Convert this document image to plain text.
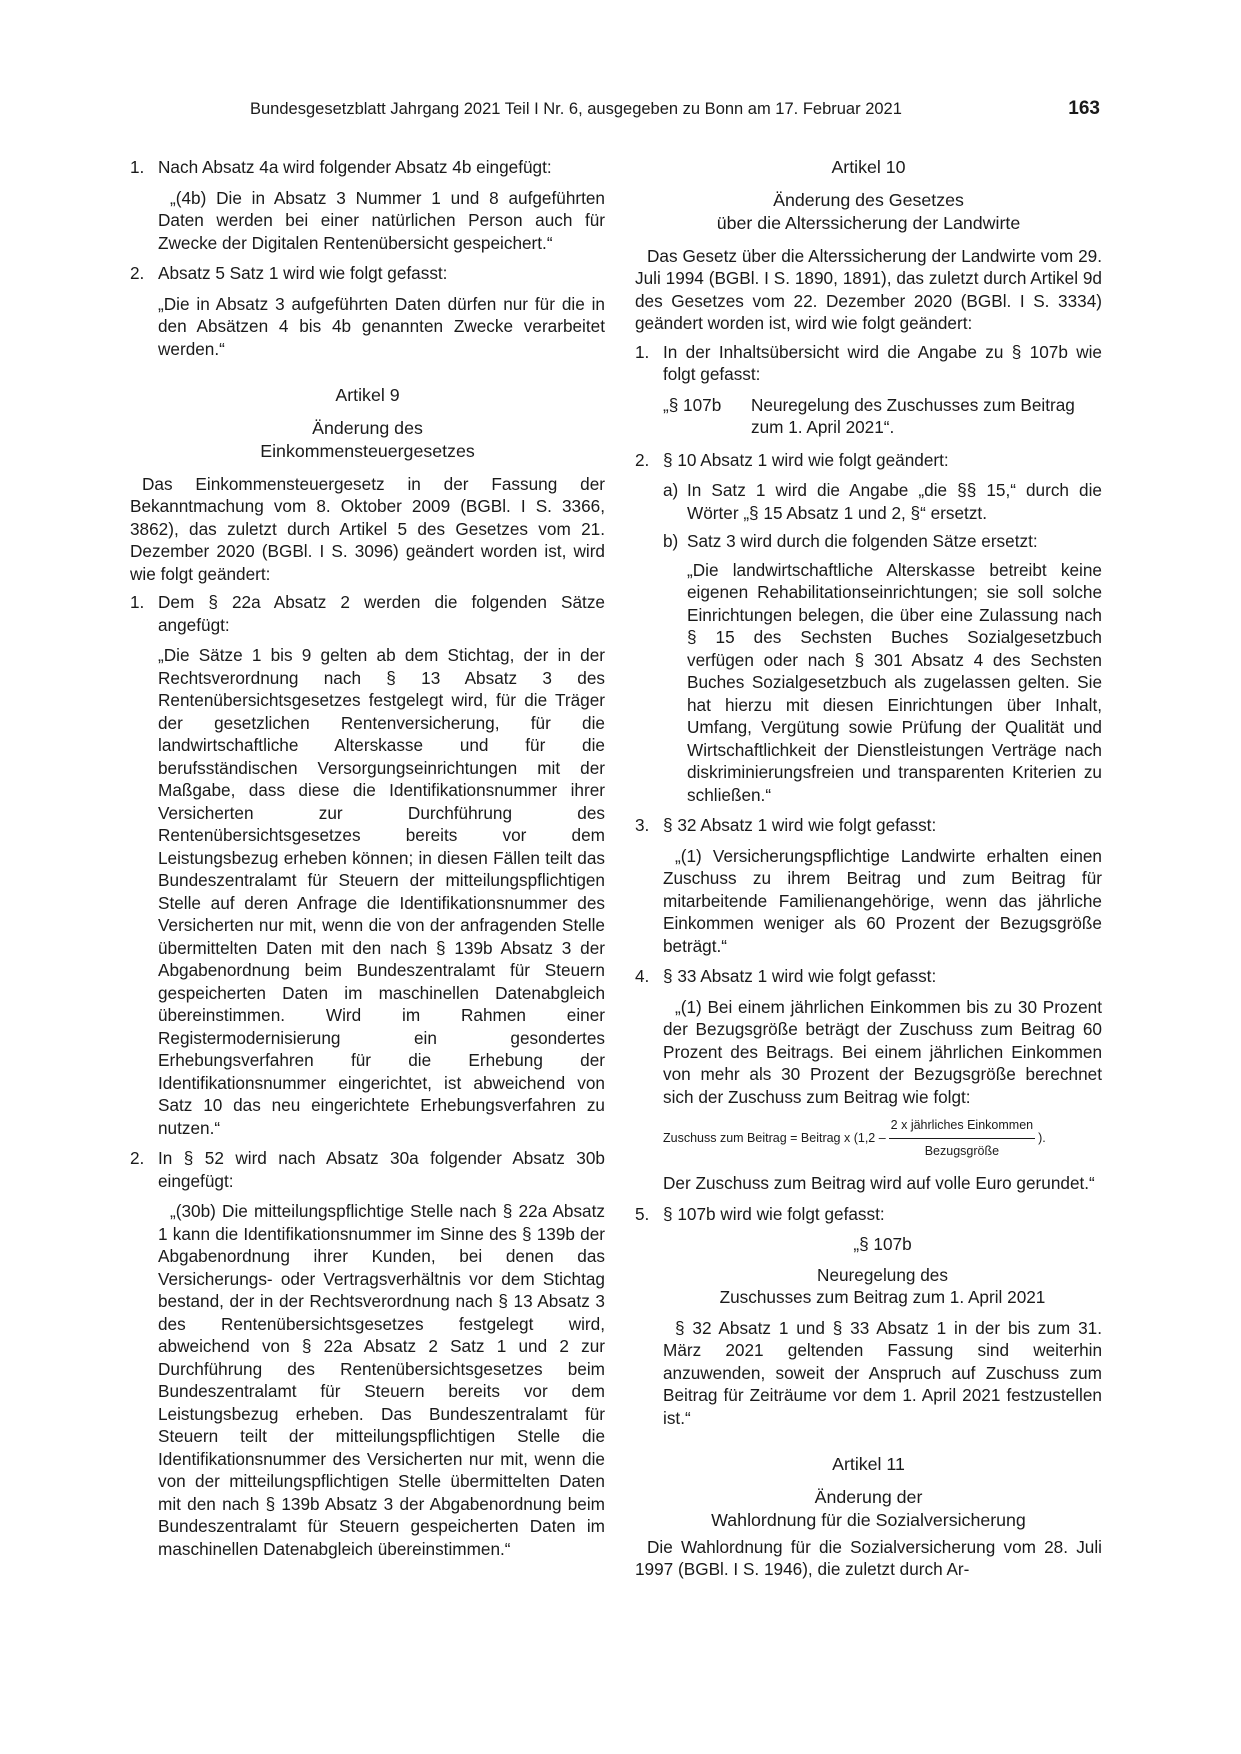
Bundesgesetzblatt Jahrgang 2021 Teil I Nr. 6, ausgegeben zu Bonn am 17. Februar 2021	163
1. Nach Absatz 4a wird folgender Absatz 4b eingefügt:

„(4b) Die in Absatz 3 Nummer 1 und 8 aufgeführten Daten werden bei einer natürlichen Person auch für Zwecke der Digitalen Rentenübersicht gespeichert.“

2. Absatz 5 Satz 1 wird wie folgt gefasst:

„Die in Absatz 3 aufgeführten Daten dürfen nur für die in den Absätzen 4 bis 4b genannten Zwecke verarbeitet werden.“

Artikel 9
Änderung des
Einkommensteuergesetzes

Das Einkommensteuergesetz in der Fassung der Bekanntmachung vom 8. Oktober 2009 (BGBl. I S. 3366, 3862), das zuletzt durch Artikel 5 des Gesetzes vom 21. Dezember 2020 (BGBl. I S. 3096) geändert worden ist, wird wie folgt geändert:

1. Dem § 22a Absatz 2 werden die folgenden Sätze angefügt:

„Die Sätze 1 bis 9 gelten ab dem Stichtag, der in der Rechtsverordnung nach § 13 Absatz 3 des Rentenübersichtsgesetzes festgelegt wird, für die Träger der gesetzlichen Rentenversicherung, für die landwirtschaftliche Alterskasse und für die berufsständischen Versorgungseinrichtungen mit der Maßgabe, dass diese die Identifikationsnummer ihrer Versicherten zur Durchführung des Rentenübersichtsgesetzes bereits vor dem Leistungsbezug erheben können; in diesen Fällen teilt das Bundeszentralamt für Steuern der mitteilungspflichtigen Stelle auf deren Anfrage die Identifikationsnummer des Versicherten nur mit, wenn die von der anfragenden Stelle übermittelten Daten mit den nach § 139b Absatz 3 der Abgabenordnung beim Bundeszentralamt für Steuern gespeicherten Daten im maschinellen Datenabgleich übereinstimmen. Wird im Rahmen einer Registermodernisierung ein gesondertes Erhebungsverfahren für die Erhebung der Identifikationsnummer eingerichtet, ist abweichend von Satz 10 das neu eingerichtete Erhebungsverfahren zu nutzen.“

2. In § 52 wird nach Absatz 30a folgender Absatz 30b eingefügt:

„(30b) Die mitteilungspflichtige Stelle nach § 22a Absatz 1 kann die Identifikationsnummer im Sinne des § 139b der Abgabenordnung ihrer Kunden, bei denen das Versicherungs- oder Vertragsverhältnis vor dem Stichtag bestand, der in der Rechtsverordnung nach § 13 Absatz 3 des Rentenübersichtsgesetzes festgelegt wird, abweichend von § 22a Absatz 2 Satz 1 und 2 zur Durchführung des Rentenübersichtsgesetzes beim Bundeszentralamt für Steuern bereits vor dem Leistungsbezug erheben. Das Bundeszentralamt für Steuern teilt der mitteilungspflichtigen Stelle die Identifikationsnummer des Versicherten nur mit, wenn die von der mitteilungspflichtigen Stelle übermittelten Daten mit den nach § 139b Absatz 3 der Abgabenordnung beim Bundeszentralamt für Steuern gespeicherten Daten im maschinellen Datenabgleich übereinstimmen.“

Artikel 10
Änderung des Gesetzes
über die Alterssicherung der Landwirte

Das Gesetz über die Alterssicherung der Landwirte vom 29. Juli 1994 (BGBl. I S. 1890, 1891), das zuletzt durch Artikel 9d des Gesetzes vom 22. Dezember 2020 (BGBl. I S. 3334) geändert worden ist, wird wie folgt geändert:

1. In der Inhaltsübersicht wird die Angabe zu § 107b wie folgt gefasst:
„§ 107b	Neuregelung des Zuschusses zum Beitrag zum 1. April 2021“.
2. § 10 Absatz 1 wird wie folgt geändert:
a) In Satz 1 wird die Angabe „die §§ 15,“ durch die Wörter „§ 15 Absatz 1 und 2, §“ ersetzt.
b) Satz 3 wird durch die folgenden Sätze ersetzt:

„Die landwirtschaftliche Alterskasse betreibt keine eigenen Rehabilitationseinrichtungen; sie soll solche Einrichtungen belegen, die über eine Zulassung nach § 15 des Sechsten Buches Sozialgesetzbuch verfügen oder nach § 301 Absatz 4 des Sechsten Buches Sozialgesetzbuch als zugelassen gelten. Sie hat hierzu mit diesen Einrichtungen über Inhalt, Umfang, Vergütung sowie Prüfung der Qualität und Wirtschaftlichkeit der Dienstleistungen Verträge nach diskriminierungsfreien und transparenten Kriterien zu schließen.“

3. § 32 Absatz 1 wird wie folgt gefasst:

„(1) Versicherungspflichtige Landwirte erhalten einen Zuschuss zu ihrem Beitrag und zum Beitrag für mitarbeitende Familienangehörige, wenn das jährliche Einkommen weniger als 60 Prozent der Bezugsgröße beträgt.“

4. § 33 Absatz 1 wird wie folgt gefasst:

„(1) Bei einem jährlichen Einkommen bis zu 30 Prozent der Bezugsgröße beträgt der Zuschuss zum Beitrag 60 Prozent des Beitrags. Bei einem jährlichen Einkommen von mehr als 30 Prozent der Bezugsgröße berechnet sich der Zuschuss zum Beitrag wie folgt:

Zuschuss zum Beitrag = Beitrag x ($1,2 - \frac{\text{2 x jährliches Einkommen}}{\text{Bezugsgröße}}$ ).

Der Zuschuss zum Beitrag wird auf volle Euro gerundet.“

5. § 107b wird wie folgt gefasst:
„§ 107b
Neuregelung des
Zuschusses zum Beitrag zum 1. April 2021

§ 32 Absatz 1 und § 33 Absatz 1 in der bis zum 31. März 2021 geltenden Fassung sind weiterhin anzuwenden, soweit der Anspruch auf Zuschuss zum Beitrag für Zeiträume vor dem 1. April 2021 festzustellen ist.“

Artikel 11
Änderung der
Wahlordnung für die Sozialversicherung

Die Wahlordnung für die Sozialversicherung vom 28. Juli 1997 (BGBl. I S. 1946), die zuletzt durch Ar-
